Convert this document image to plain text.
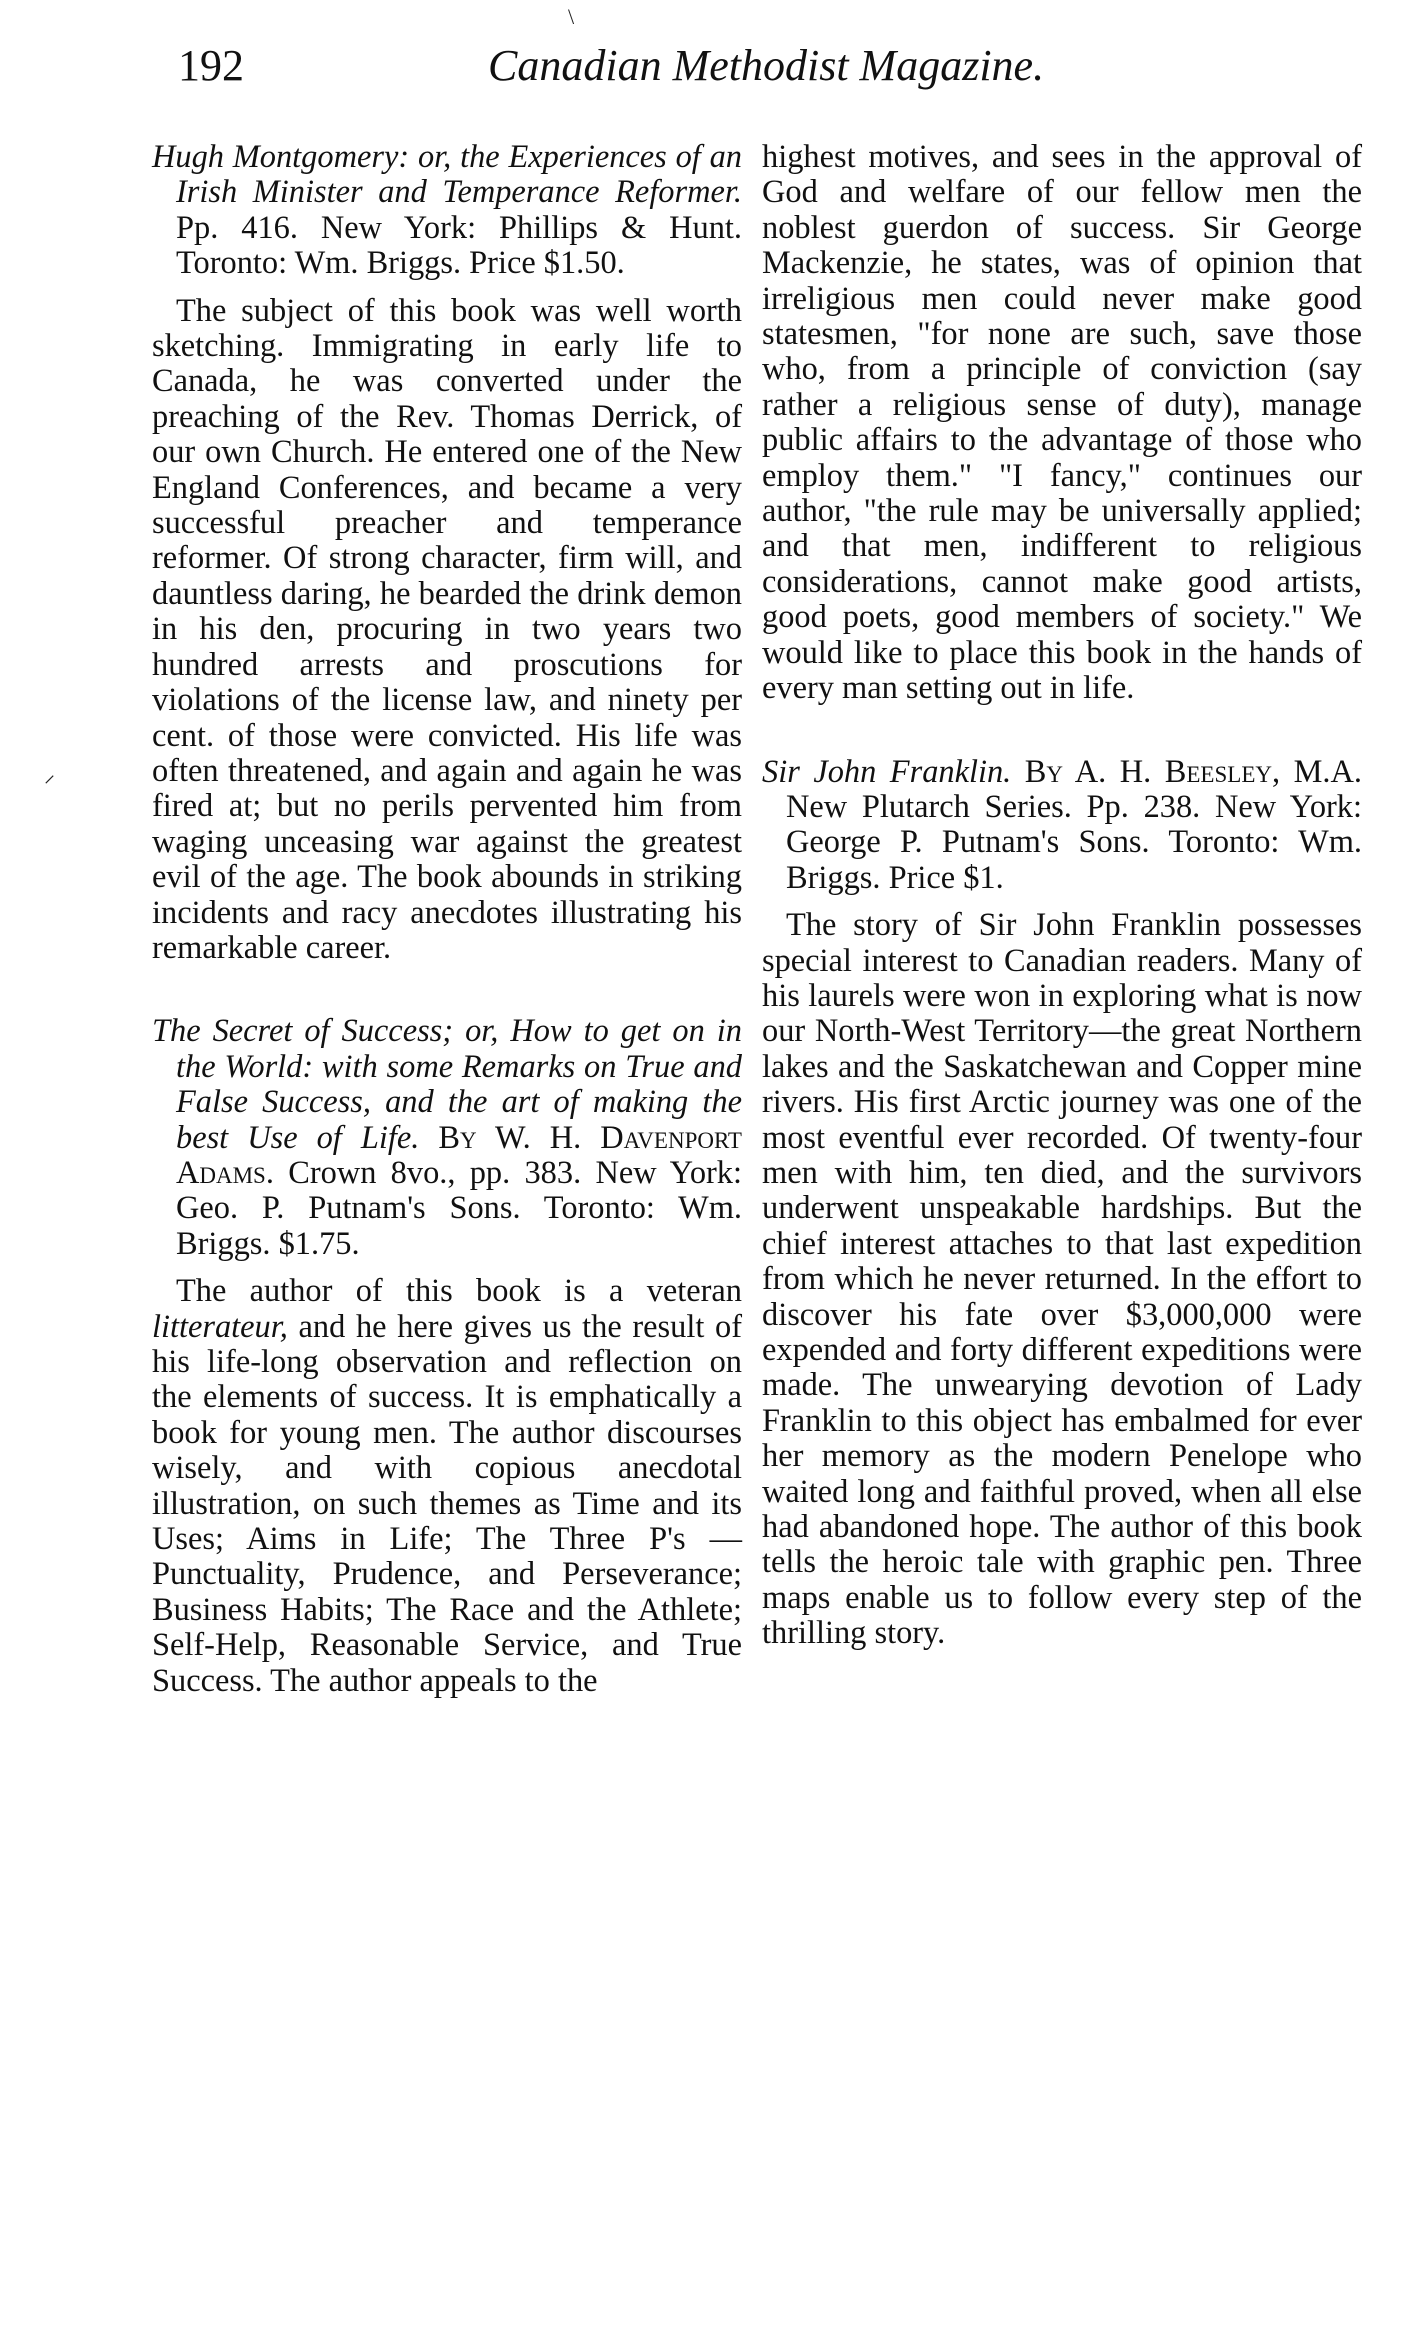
192	Canadian Methodist Magazine.
\
⸍

Hugh Montgomery: or, the Experiences of an Irish Minister and Temperance Reformer. Pp. 416. New York: Phillips & Hunt. Toronto: Wm. Briggs. Price $1.50.

The subject of this book was well worth sketching. Immigrating in early life to Canada, he was converted under the preaching of the Rev. Thomas Derrick, of our own Church. He entered one of the New England Conferences, and became a very successful preacher and temperance reformer. Of strong character, firm will, and dauntless daring, he bearded the drink demon in his den, procuring in two years two hundred arrests and proscutions for violations of the license law, and ninety per cent. of those were convicted. His life was often threatened, and again and again he was fired at; but no perils pervented him from waging unceasing war against the greatest evil of the age. The book abounds in striking incidents and racy anecdotes illustrating his remarkable career.

The Secret of Success; or, How to get on in the World: with some Remarks on True and False Success, and the art of making the best Use of Life. By W. H. Davenport Adams. Crown 8vo., pp. 383. New York: Geo. P. Putnam's Sons. Toronto: Wm. Briggs. $1.75.

The author of this book is a veteran litterateur, and he here gives us the result of his life-long observation and reflection on the elements of success. It is emphatically a book for young men. The author discourses wisely, and with copious anecdotal illustration, on such themes as Time and its Uses; Aims in Life; The Three P's — Punctuality, Prudence, and Perseverance; Business Habits; The Race and the Athlete; Self-Help, Reasonable Service, and True Success. The author appeals to the

highest motives, and sees in the approval of God and welfare of our fellow men the noblest guerdon of success. Sir George Mackenzie, he states, was of opinion that irreligious men could never make good statesmen, "for none are such, save those who, from a principle of conviction (say rather a religious sense of duty), manage public affairs to the advantage of those who employ them." "I fancy," continues our author, "the rule may be universally applied; and that men, indifferent to religious considerations, cannot make good artists, good poets, good members of society." We would like to place this book in the hands of every man setting out in life.

Sir John Franklin. By A. H. Beesley, M.A. New Plutarch Series. Pp. 238. New York: George P. Putnam's Sons. Toronto: Wm. Briggs. Price $1.

The story of Sir John Franklin possesses special interest to Canadian readers. Many of his laurels were won in exploring what is now our North-West Territory—the great Northern lakes and the Saskatchewan and Copper mine rivers. His first Arctic journey was one of the most eventful ever recorded. Of twenty-four men with him, ten died, and the survivors underwent unspeakable hardships. But the chief interest attaches to that last expedition from which he never returned. In the effort to discover his fate over $3,000,000 were expended and forty different expeditions were made. The unwearying devotion of Lady Franklin to this object has embalmed for ever her memory as the modern Penelope who waited long and faithful proved, when all else had abandoned hope. The author of this book tells the heroic tale with graphic pen. Three maps enable us to follow every step of the thrilling story.
